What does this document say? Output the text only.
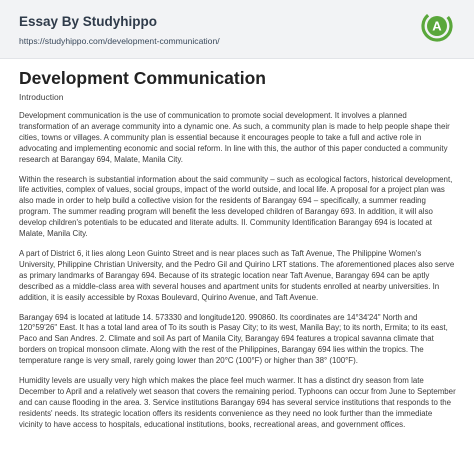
Essay By Studyhippo
https://studyhippo.com/development-communication/
A
Development Communication
Introduction

Development communication is the use of communication to promote social development. It involves a planned transformation of an average community into a dynamic one. As such, a community plan is made to help people shape their cities, towns or villages. A community plan is essential because it encourages people to take a full and active role in advocating and implementing economic and social reform. In line with this, the author of this paper conducted a community research at Barangay 694, Malate, Manila City.

Within the research is substantial information about the said community – such as ecological factors, historical development, life activities, complex of values, social groups, impact of the world outside, and local life. A proposal for a project plan was also made in order to help build a collective vision for the residents of Barangay 694 – specifically, a summer reading program. The summer reading program will benefit the less developed children of Barangay 693. In addition, it will also develop children's potentials to be educated and literate adults. II. Community Identification Barangay 694 is located at Malate, Manila City.

A part of District 6, it lies along Leon Guinto Street and is near places such as Taft Avenue, The Philippine Women's University, Philippine Christian University, and the Pedro Gil and Quirino LRT stations. The aforementioned places also serve as primary landmarks of Barangay 694. Because of its strategic location near Taft Avenue, Barangay 694 can be aptly described as a middle-class area with several houses and apartment units for students enrolled at nearby universities. In addition, it is easily accessible by Roxas Boulevard, Quirino Avenue, and Taft Avenue.

Barangay 694 is located at latitude 14. 573330 and longitude120. 990860. Its coordinates are 14°34'24" North and 120°59'26" East. It has a total land area of To its south is Pasay City; to its west, Manila Bay; to its north, Ermita; to its east, Paco and San Andres. 2. Climate and soil As part of Manila City, Barangay 694 features a tropical savanna climate that borders on tropical monsoon climate. Along with the rest of the Philippines, Barangay 694 lies within the tropics. The temperature range is very small, rarely going lower than 20°C (100°F) or higher than 38° (100°F).

Humidity levels are usually very high which makes the place feel much warmer. It has a distinct dry season from late December to April and a relatively wet season that covers the remaining period. Typhoons can occur from June to September and can cause flooding in the area. 3. Service institutions Barangay 694 has several service institutions that responds to the residents' needs. Its strategic location offers its residents convenience as they need no look further than the immediate vicinity to have access to hospitals, educational institutions, books, recreational areas, and government offices.
